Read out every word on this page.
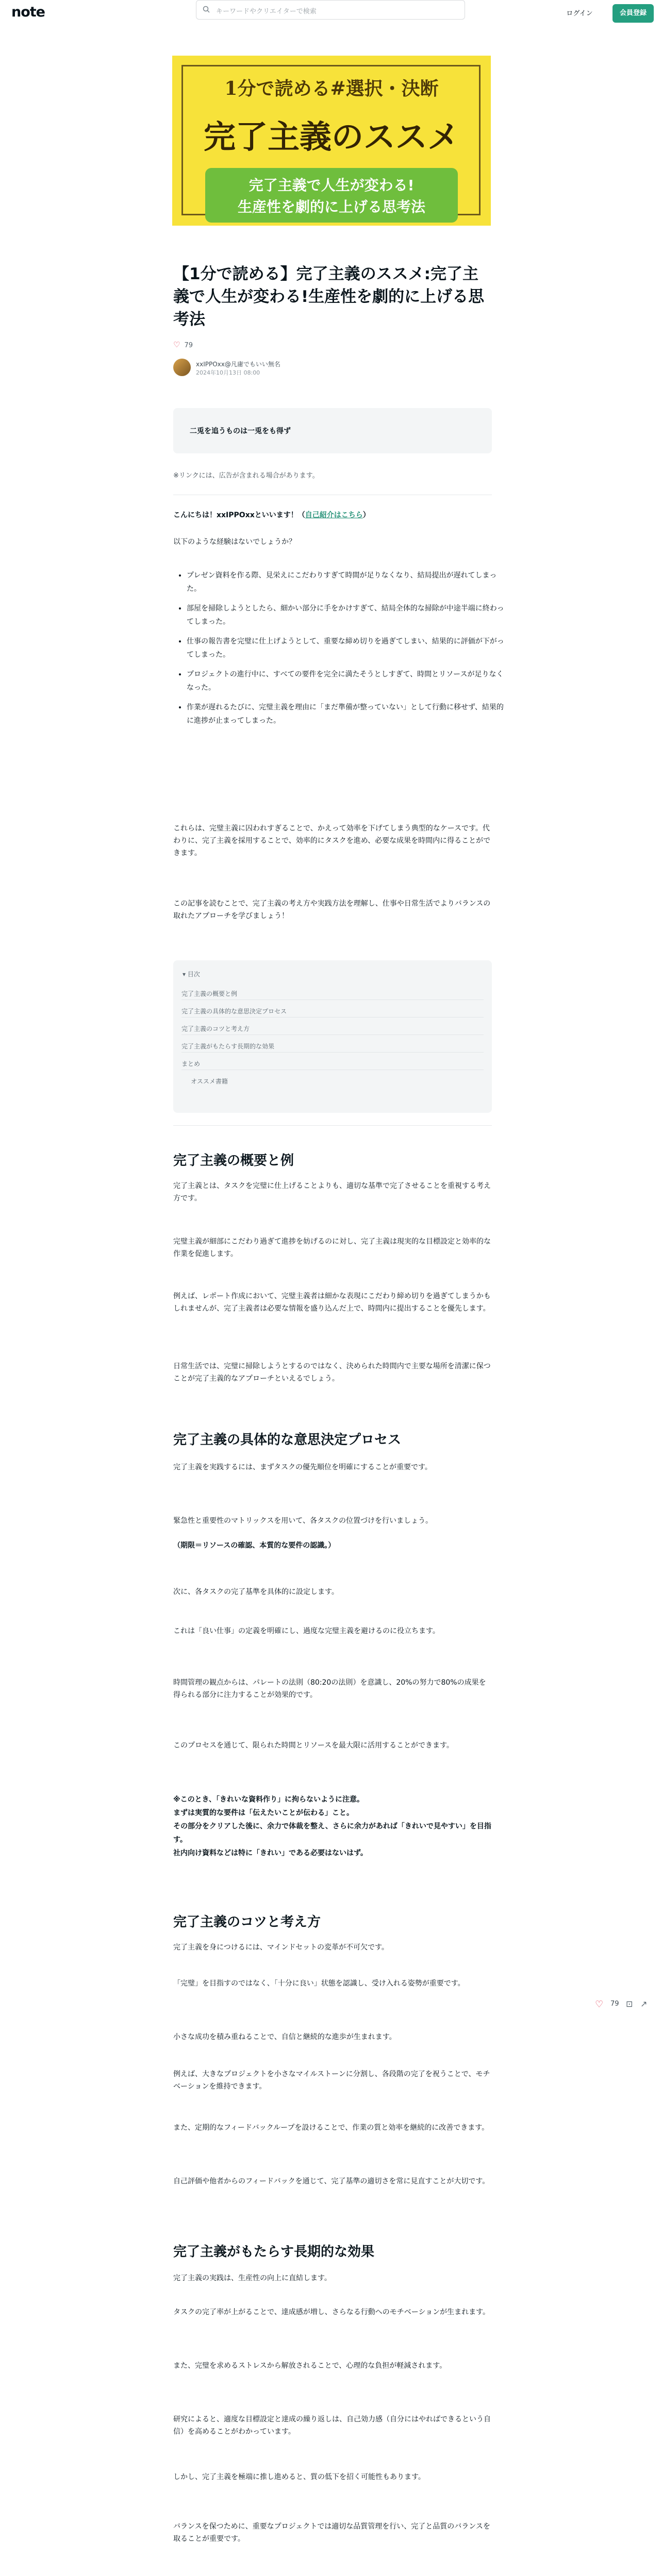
note	キーワードやクリエイターで検索	ログイン	会員登録
1分で読める#選択・決断
完了主義のススメ

完了主義で人生が変わる!

生産性を劇的に上げる思考法

【1分で読める】完了主義のススメ:完了主義で人生が変わる!生産性を劇的に上げる思考法
♡ 79
xxIPPOxx@凡庸でもいい無名
2024年10月13日 08:00
二兎を追うものは一兎をも得ず

※リンクには、広告が含まれる場合があります。

こんにちは！xxIPPOxxといいます！（自己紹介はこちら）

以下のような経験はないでしょうか？

• プレゼン資料を作る際、見栄えにこだわりすぎて時間が足りなくなり、結局提出が遅れてしまった。
• 部屋を掃除しようとしたら、細かい部分に手をかけすぎて、結局全体的な掃除が中途半端に終わってしまった。
• 仕事の報告書を完璧に仕上げようとして、重要な締め切りを過ぎてしまい、結果的に評価が下がってしまった。
• プロジェクトの進行中に、すべての要件を完全に満たそうとしすぎて、時間とリソースが足りなくなった。
• 作業が遅れるたびに、完璧主義を理由に「まだ準備が整っていない」として行動に移せず、結果的に進捗が止まってしまった。

これらは、完璧主義に囚われすぎることで、かえって効率を下げてしまう典型的なケースです。代わりに、完了主義を採用することで、効率的にタスクを進め、必要な成果を時間内に得ることができます。

この記事を読むことで、完了主義の考え方や実践方法を理解し、仕事や日常生活でよりバランスの取れたアプローチを学びましょう！

▾ 目次
完了主義の概要と例
完了主義の具体的な意思決定プロセス
完了主義のコツと考え方
完了主義がもたらす長期的な効果
まとめ
オススメ書籍
完了主義の概要と例

完了主義とは、タスクを完璧に仕上げることよりも、適切な基準で完了させることを重視する考え方です。

完璧主義が細部にこだわり過ぎて進捗を妨げるのに対し、完了主義は現実的な目標設定と効率的な作業を促進します。

例えば、レポート作成において、完璧主義者は細かな表現にこだわり締め切りを過ぎてしまうかもしれませんが、完了主義者は必要な情報を盛り込んだ上で、時間内に提出することを優先します。

日常生活では、完璧に掃除しようとするのではなく、決められた時間内で主要な場所を清潔に保つことが完了主義的なアプローチといえるでしょう。

完了主義の具体的な意思決定プロセス

完了主義を実践するには、まずタスクの優先順位を明確にすることが重要です。

緊急性と重要性のマトリックスを用いて、各タスクの位置づけを行いましょう。

（期限＝リソースの確認、本質的な要件の認識。）

次に、各タスクの完了基準を具体的に設定します。

これは「良い仕事」の定義を明確にし、過度な完璧主義を避けるのに役立ちます。

時間管理の観点からは、パレートの法則（80:20の法則）を意識し、20%の努力で80%の成果を得られる部分に注力することが効果的です。

このプロセスを通じて、限られた時間とリソースを最大限に活用することができます。

※このとき、「きれいな資料作り」に拘らないように注意。
まずは実質的な要件は「伝えたいことが伝わる」こと。
その部分をクリアした後に、余力で体裁を整え、さらに余力があれば「きれいで見やすい」を目指す。
社内向け資料などは特に「きれい」である必要はないはず。
完了主義のコツと考え方

完了主義を身につけるには、マインドセットの変革が不可欠です。

「完璧」を目指すのではなく、「十分に良い」状態を認識し、受け入れる姿勢が重要です。

小さな成功を積み重ねることで、自信と継続的な進歩が生まれます。

例えば、大きなプロジェクトを小さなマイルストーンに分割し、各段階の完了を祝うことで、モチベーションを維持できます。

また、定期的なフィードバックループを設けることで、作業の質と効率を継続的に改善できます。

自己評価や他者からのフィードバックを通じて、完了基準の適切さを常に見直すことが大切です。

完了主義がもたらす長期的な効果

完了主義の実践は、生産性の向上に直結します。

タスクの完了率が上がることで、達成感が増し、さらなる行動へのモチベーションが生まれます。

また、完璧を求めるストレスから解放されることで、心理的な負担が軽減されます。

研究によると、適度な目標設定と達成の繰り返しは、自己効力感（自分にはやればできるという自信）を高めることがわかっています。

しかし、完了主義を極端に推し進めると、質の低下を招く可能性もあります。

バランスを保つために、重要なプロジェクトでは適切な品質管理を行い、完了と品質のバランスを取ることが重要です。

♡ 79 ⊡ ↗
